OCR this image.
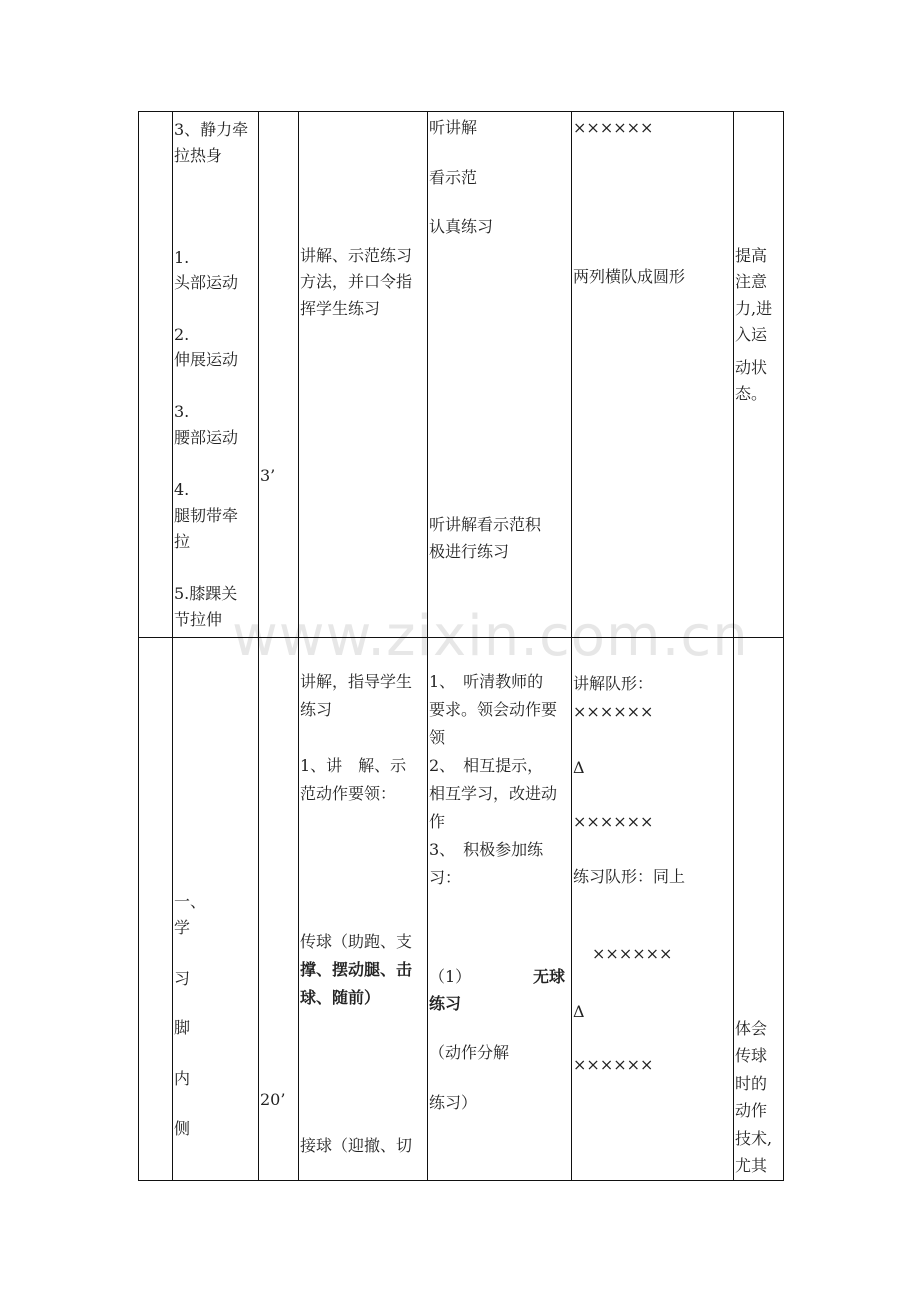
3、静力牵
拉热身
1.
头部运动
2.
伸展运动
3.
腰部运动
4.
腿韧带牵
拉
5.膝踝关
节拉伸
3’
讲解、示范练习
方法，并口令指
挥学生练习
听讲解
看示范
认真练习
听讲解看示范积
极进行练习
××××××
两列横队成圆形
提高
注意
力,进
入运
动状
态。
一、
学
习
脚
内
侧
20’
讲解，指导学生
练习
1、讲　解、示
范动作要领：
传球（助跑、支
撑、摆动腿、击
球、随前）
接球（迎撤、切
1、　听清教师的
要求。领会动作要
领
2、　相互提示，
相互学习，改进动
作
3、　积极参加练
习：
（1）	无球
练习
（动作分解
练习）
讲解队形：
××××××
Δ
××××××
练习队形：同上
××××××
Δ
××××××
体会
传球
时的
动作
技术,
尤其
www.zixin.com.cn
